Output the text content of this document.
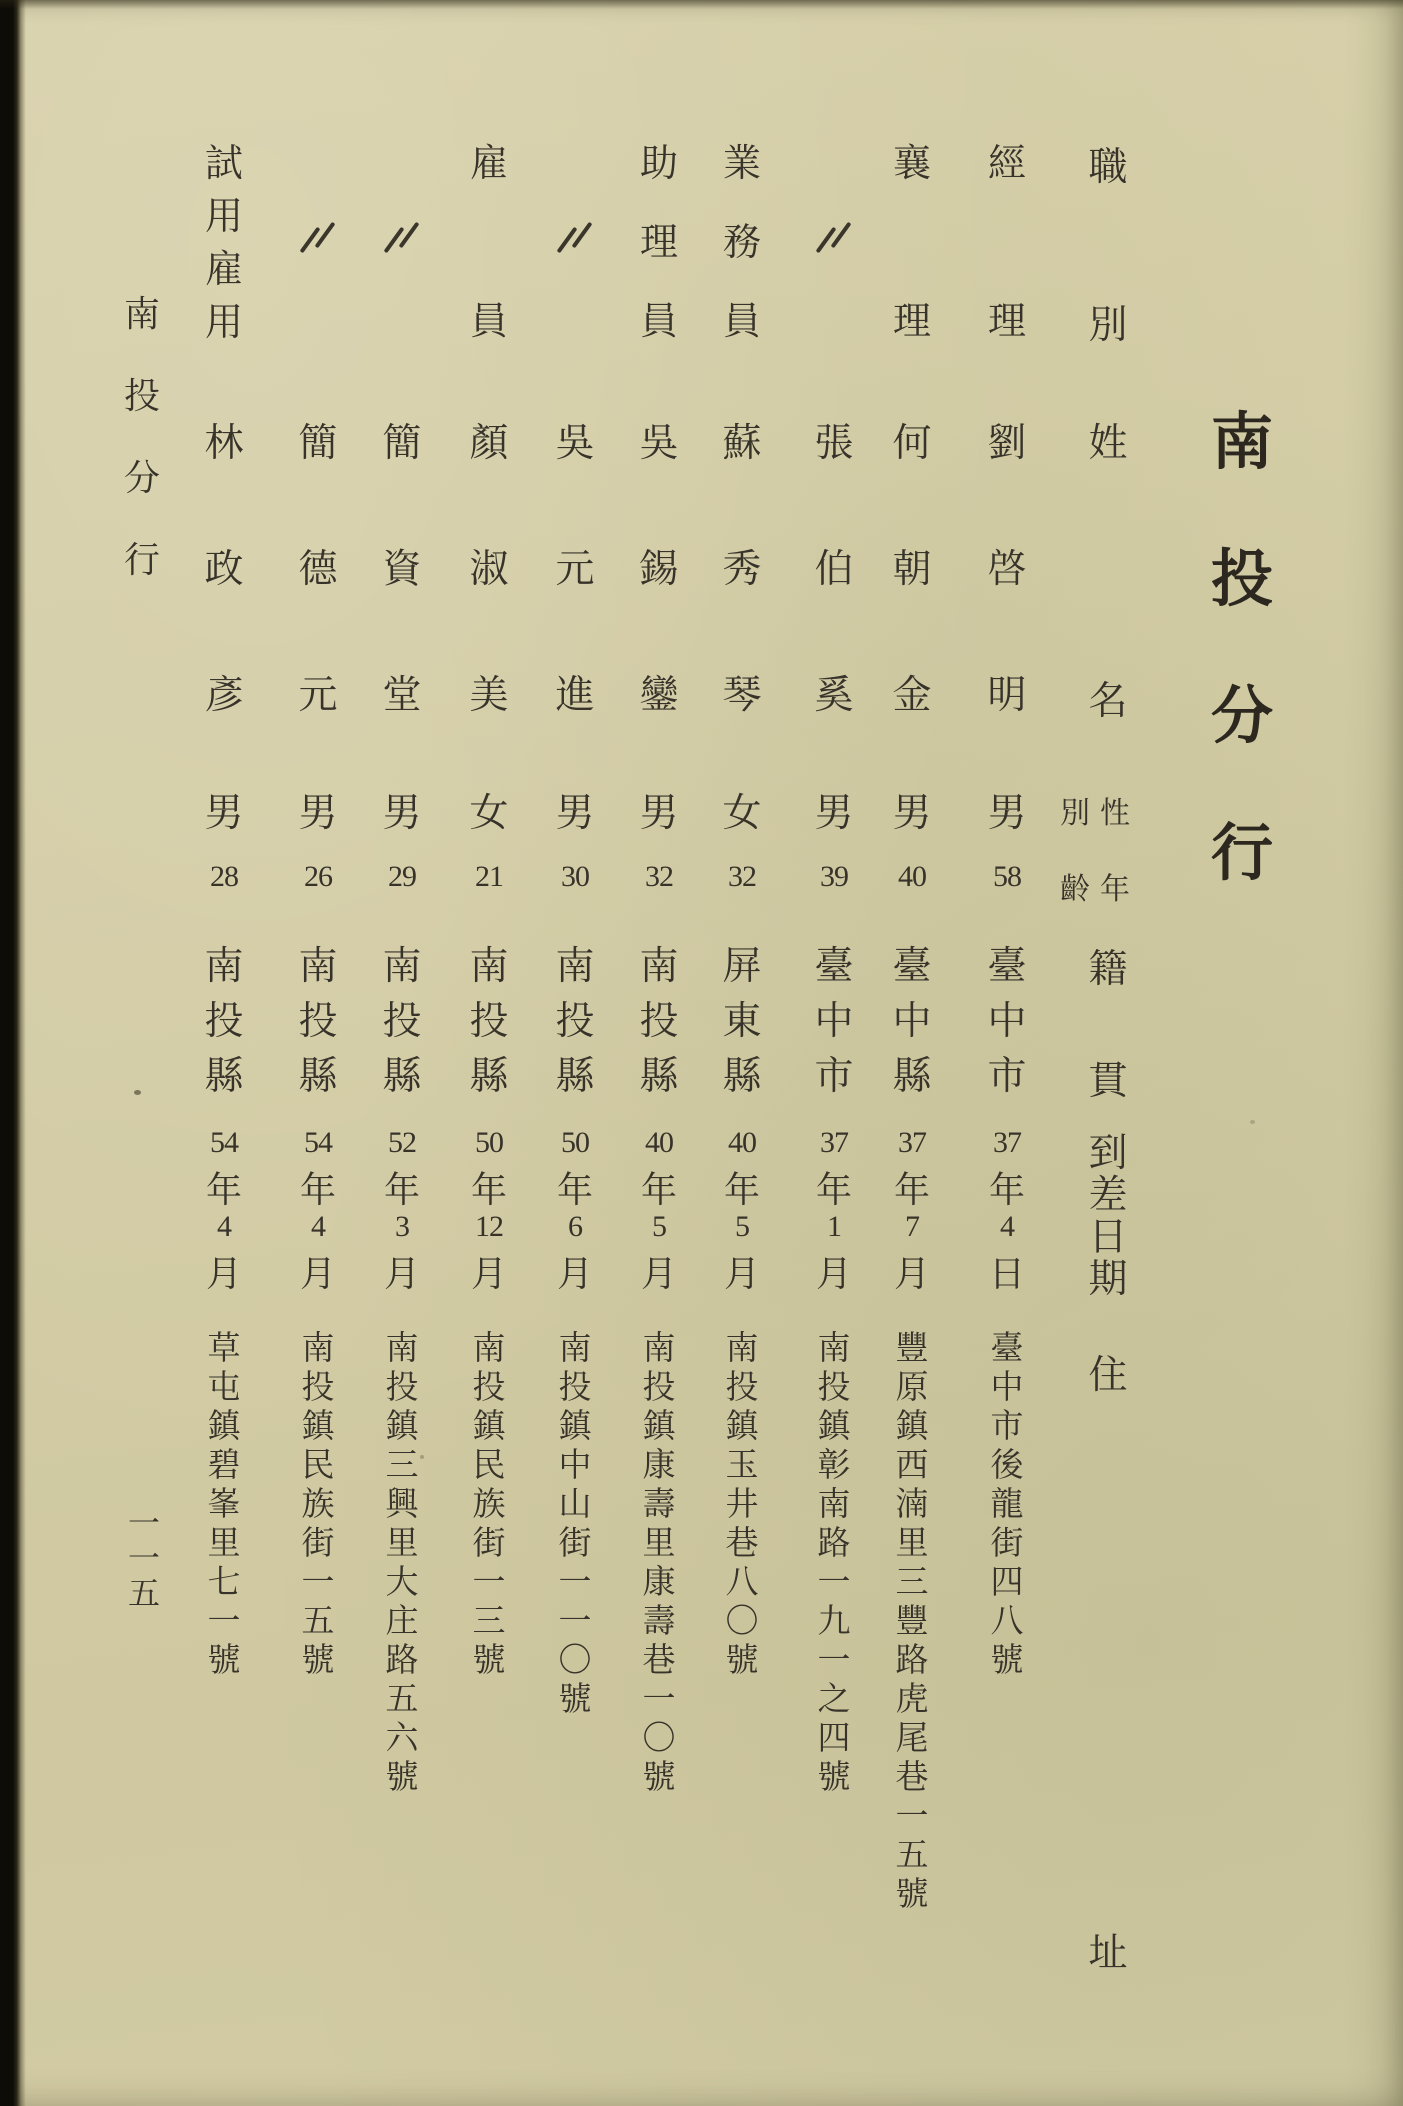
南投分行
職
別
姓
名
性
別
年
齡
籍
貫
到
差
日
期
住
址
經
理
劉
啓
明
男
58
臺
中
市
37
年
4
日
臺
中
市
後
龍
街
四
八
號
襄
理
何
朝
金
男
40
臺
中
縣
37
年
7
月
豐
原
鎮
西
湳
里
三
豐
路
虎
尾
巷
一
五
號
張
伯
奚
男
39
臺
中
市
37
年
1
月
南
投
鎮
彰
南
路
一
九
一
之
四
號
業
務
員
蘇
秀
琴
女
32
屏
東
縣
40
年
5
月
南
投
鎮
玉
井
巷
八
〇
號
助
理
員
吳
錫
鑾
男
32
南
投
縣
40
年
5
月
南
投
鎮
康
壽
里
康
壽
巷
一
〇
號
吳
元
進
男
30
南
投
縣
50
年
6
月
南
投
鎮
中
山
街
一
一
〇
號
雇
員
顏
淑
美
女
21
南
投
縣
50
年
12
月
南
投
鎮
民
族
街
一
三
號
簡
資
堂
男
29
南
投
縣
52
年
3
月
南
投
鎮
三
興
里
大
庄
路
五
六
號
簡
德
元
男
26
南
投
縣
54
年
4
月
南
投
鎮
民
族
街
一
五
號
試
用
雇
用
林
政
彥
男
28
南
投
縣
54
年
4
月
草
屯
鎮
碧
峯
里
七
一
號
南投分行
一一五
